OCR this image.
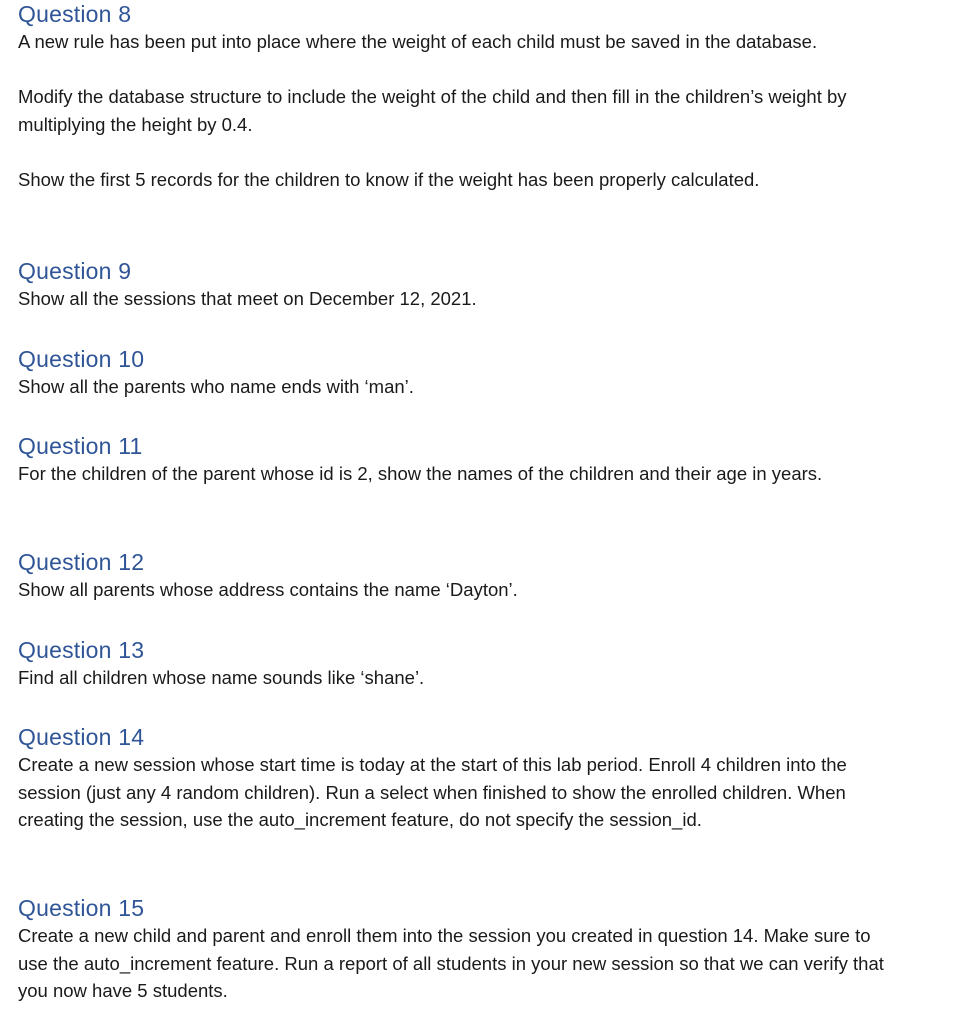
Question 8

A new rule has been put into place where the weight of each child must be saved in the database.

Modify the database structure to include the weight of the child and then fill in the children’s weight by multiplying the height by 0.4.

Show the first 5 records for the children to know if the weight has been properly calculated.

Question 9

Show all the sessions that meet on December 12, 2021.

Question 10

Show all the parents who name ends with ‘man’.

Question 11

For the children of the parent whose id is 2, show the names of the children and their age in years.

Question 12

Show all parents whose address contains the name ‘Dayton’.

Question 13

Find all children whose name sounds like ‘shane’.

Question 14

Create a new session whose start time is today at the start of this lab period. Enroll 4 children into the session (just any 4 random children). Run a select when finished to show the enrolled children. When creating the session, use the auto_increment feature, do not specify the session_id.

Question 15

Create a new child and parent and enroll them into the session you created in question 14. Make sure to use the auto_increment feature. Run a report of all students in your new session so that we can verify that you now have 5 students.
